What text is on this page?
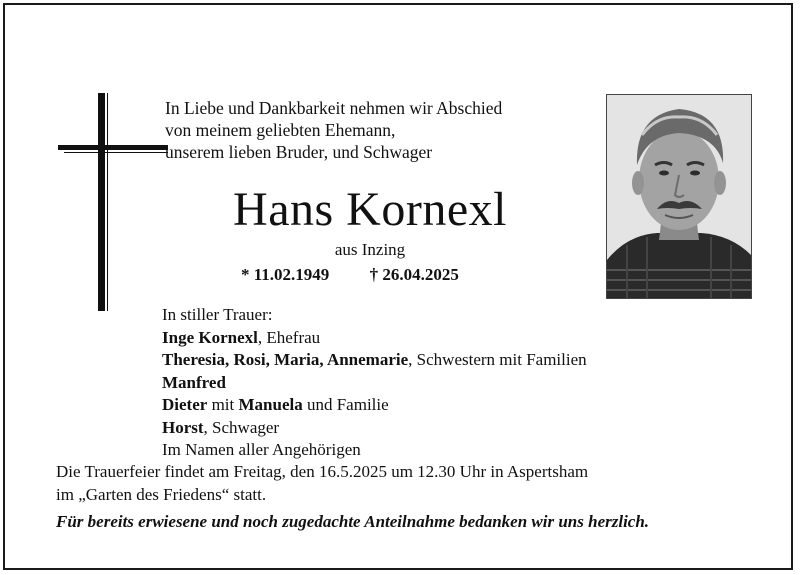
In Liebe und Dankbarkeit nehmen wir Abschied
von meinem geliebten Ehemann,
unserem lieben Bruder, und Schwager
Hans Kornexl
aus Inzing
* 11.02.1949 † 26.04.2025
In stiller Trauer:
Inge Kornexl, Ehefrau
Theresia, Rosi, Maria, Annemarie, Schwestern mit Familien
Manfred
Dieter mit Manuela und Familie
Horst, Schwager
Im Namen aller Angehörigen
Die Trauerfeier findet am Freitag, den 16.5.2025 um 12.30 Uhr in Aspertsham
im „Garten des Friedens“ statt.
Für bereits erwiesene und noch zugedachte Anteilnahme bedanken wir uns herzlich.
